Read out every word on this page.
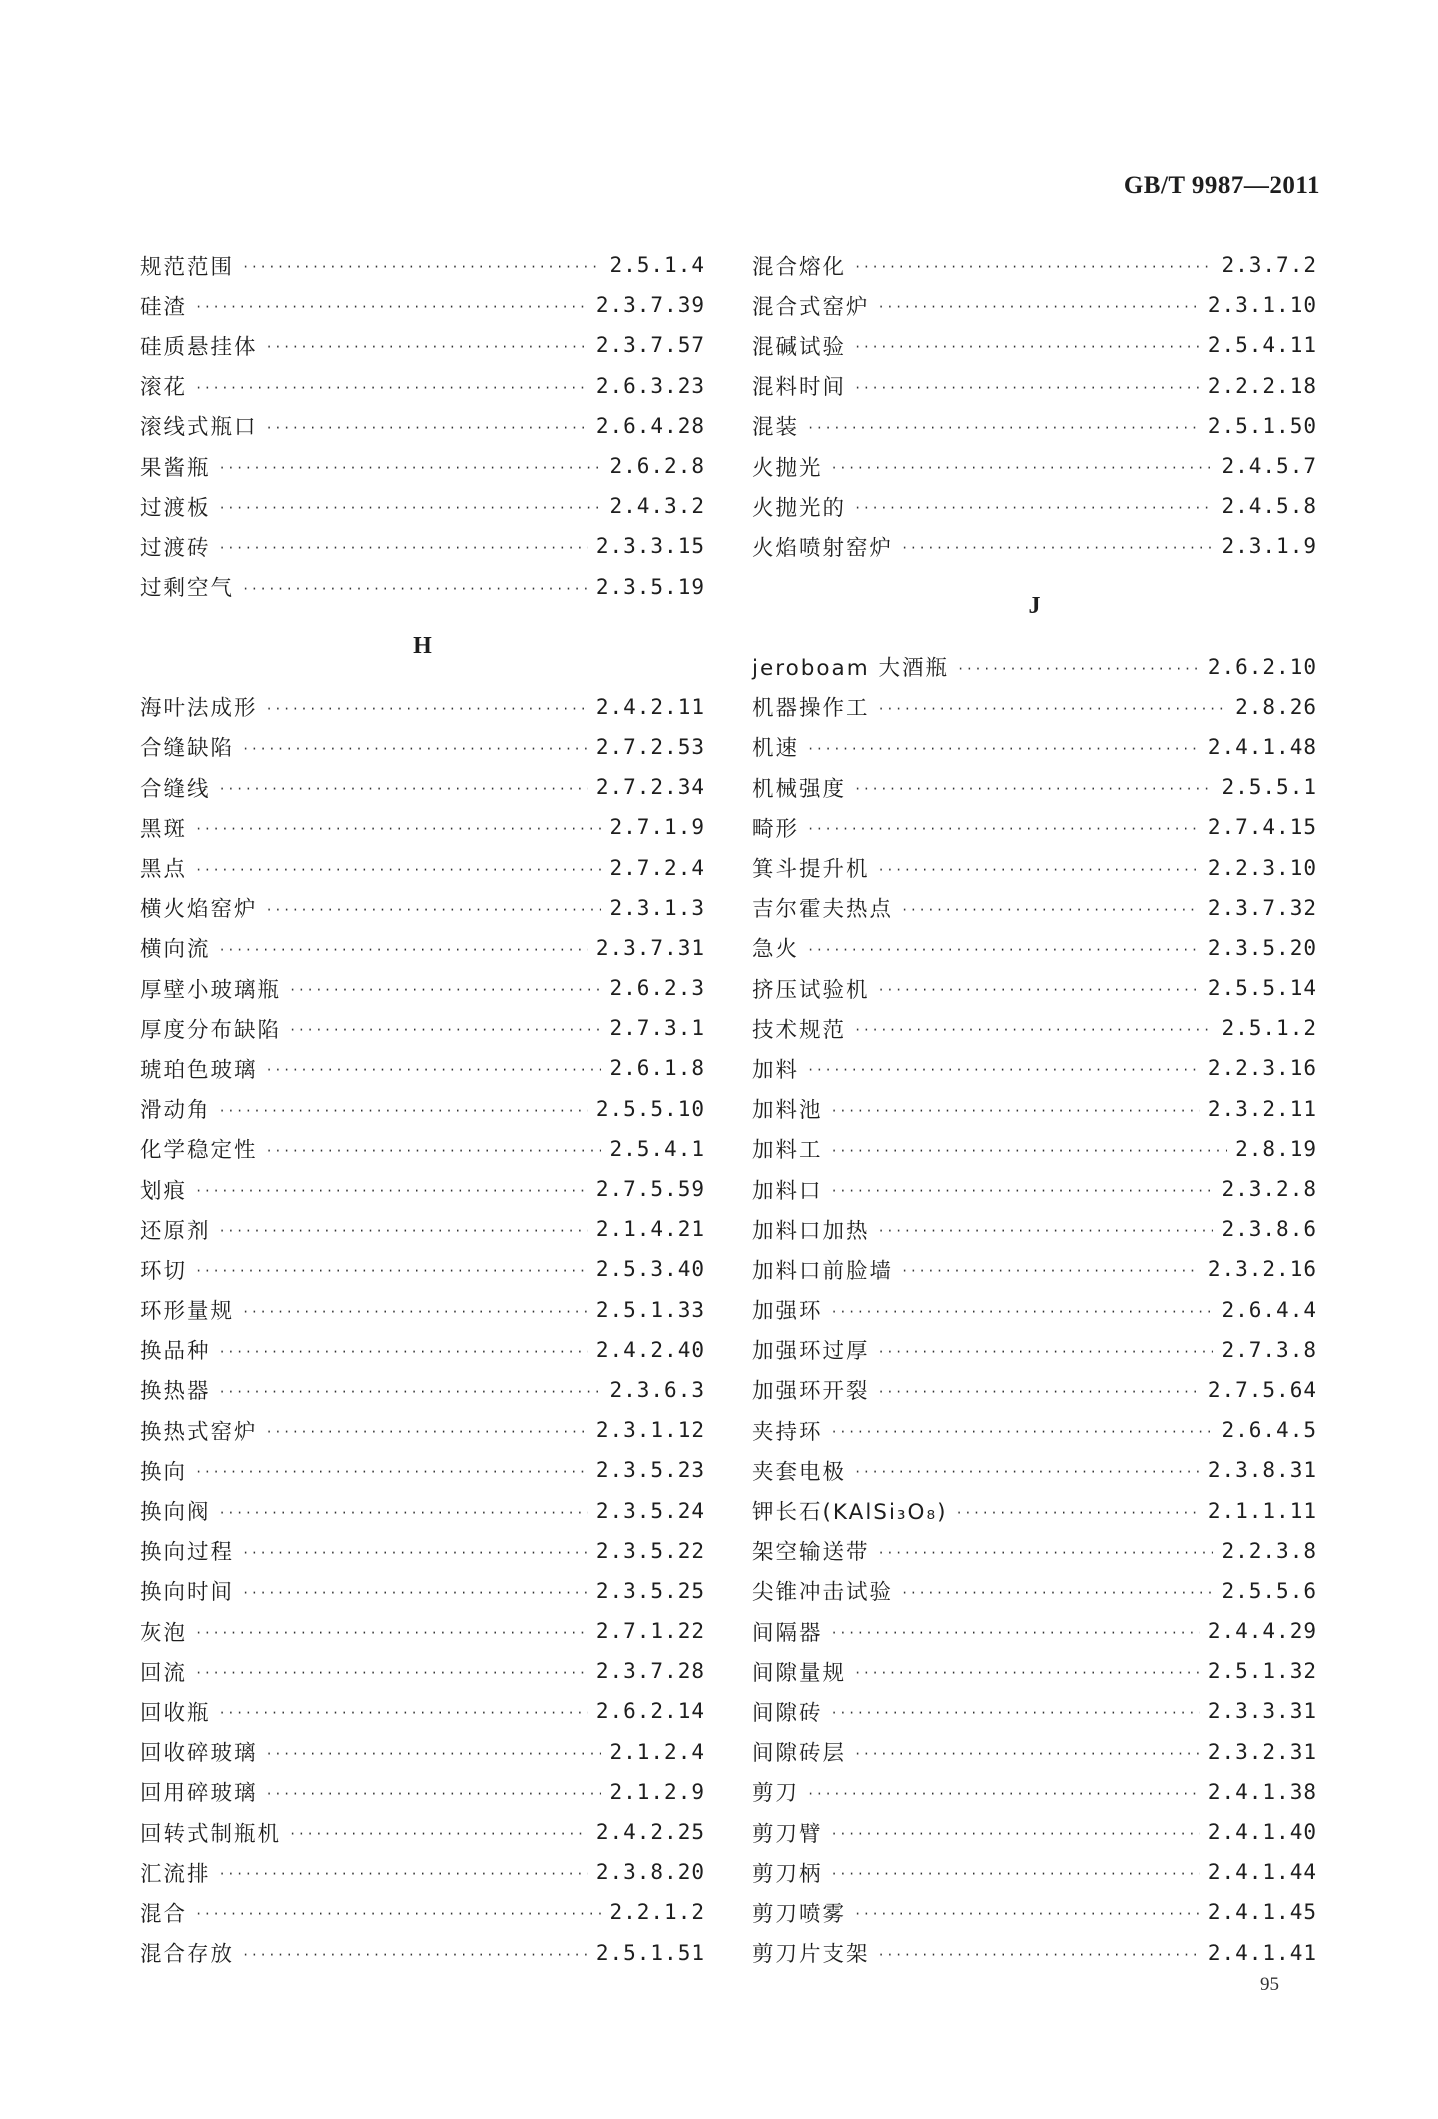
GB/T 9987—2011
规范范围 ·····	2.5.1.4
硅渣 ·····	2.3.7.39
硅质悬挂体 ·····	2.3.7.57
滚花 ·····	2.6.3.23
滚线式瓶口 ·····	2.6.4.28
果酱瓶 ·····	2.6.2.8
过渡板 ·····	2.4.3.2
过渡砖 ·····	2.3.3.15
过剩空气 ·····	2.3.5.19
H
海叶法成形 ·····	2.4.2.11
合缝缺陷 ·····	2.7.2.53
合缝线 ·····	2.7.2.34
黑斑 ·····	2.7.1.9
黑点 ·····	2.7.2.4
横火焰窑炉 ·····	2.3.1.3
横向流 ·····	2.3.7.31
厚壁小玻璃瓶 ·····	2.6.2.3
厚度分布缺陷 ·····	2.7.3.1
琥珀色玻璃 ·····	2.6.1.8
滑动角 ·····	2.5.5.10
化学稳定性 ·····	2.5.4.1
划痕 ·····	2.7.5.59
还原剂 ·····	2.1.4.21
环切 ·····	2.5.3.40
环形量规 ·····	2.5.1.33
换品种 ·····	2.4.2.40
换热器 ·····	2.3.6.3
换热式窑炉 ·····	2.3.1.12
换向 ·····	2.3.5.23
换向阀 ·····	2.3.5.24
换向过程 ·····	2.3.5.22
换向时间 ·····	2.3.5.25
灰泡 ·····	2.7.1.22
回流 ·····	2.3.7.28
回收瓶 ·····	2.6.2.14
回收碎玻璃 ·····	2.1.2.4
回用碎玻璃 ·····	2.1.2.9
回转式制瓶机 ·····	2.4.2.25
汇流排 ·····	2.3.8.20
混合 ·····	2.2.1.2
混合存放 ·····	2.5.1.51
混合熔化 ·····	2.3.7.2
混合式窑炉 ·····	2.3.1.10
混碱试验 ·····	2.5.4.11
混料时间 ·····	2.2.2.18
混装 ·····	2.5.1.50
火抛光 ·····	2.4.5.7
火抛光的 ·····	2.4.5.8
火焰喷射窑炉 ·····	2.3.1.9
J
jeroboam 大酒瓶 ·····	2.6.2.10
机器操作工 ·····	2.8.26
机速 ·····	2.4.1.48
机械强度 ·····	2.5.5.1
畸形 ·····	2.7.4.15
箕斗提升机 ·····	2.2.3.10
吉尔霍夫热点 ·····	2.3.7.32
急火 ·····	2.3.5.20
挤压试验机 ·····	2.5.5.14
技术规范 ·····	2.5.1.2
加料 ·····	2.2.3.16
加料池 ·····	2.3.2.11
加料工 ·····	2.8.19
加料口 ·····	2.3.2.8
加料口加热 ·····	2.3.8.6
加料口前脸墙 ·····	2.3.2.16
加强环 ·····	2.6.4.4
加强环过厚 ·····	2.7.3.8
加强环开裂 ·····	2.7.5.64
夹持环 ·····	2.6.4.5
夹套电极 ·····	2.3.8.31
钾长石(KAlSi₃O₈) ·····	2.1.1.11
架空输送带 ·····	2.2.3.8
尖锥冲击试验 ·····	2.5.5.6
间隔器 ·····	2.4.4.29
间隙量规 ·····	2.5.1.32
间隙砖 ·····	2.3.3.31
间隙砖层 ·····	2.3.2.31
剪刀 ·····	2.4.1.38
剪刀臂 ·····	2.4.1.40
剪刀柄 ·····	2.4.1.44
剪刀喷雾 ·····	2.4.1.45
剪刀片支架 ·····	2.4.1.41
95
